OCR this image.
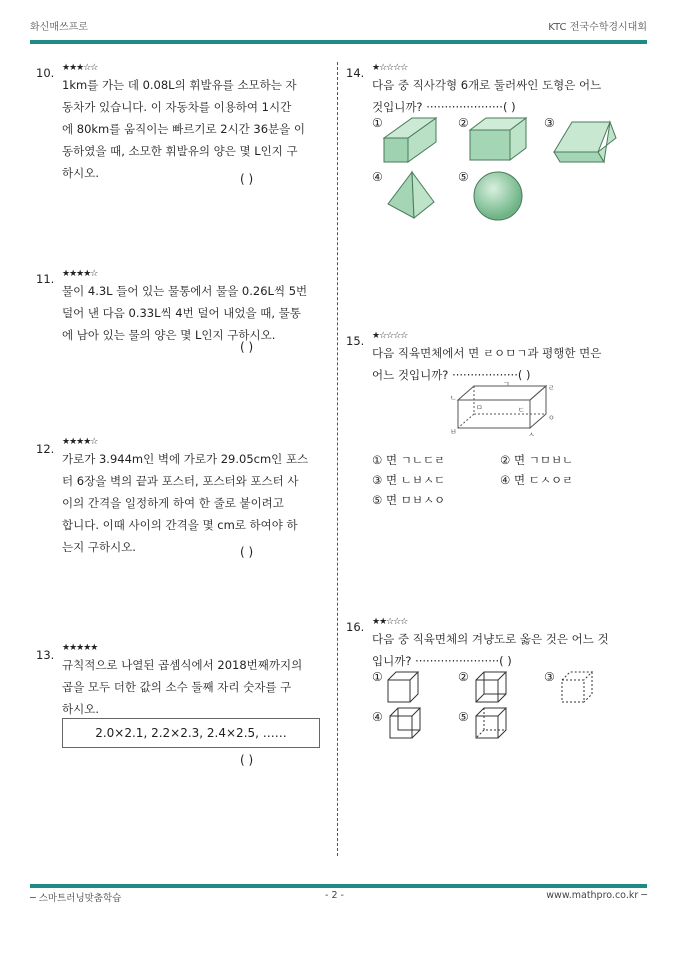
화신매쓰프로	KTC 전국수학경시대회
10. ★★★☆☆

1km를 가는 데 0.08L의 휘발유를 소모하는 자

동차가 있습니다. 이 자동차를 이용하여 1시간

에 80km를 움직이는 빠르기로 2시간 36분을 이

동하였을 때, 소모한 휘발유의 양은 몇 L인지 구

하시오.	( )
11. ★★★★☆

물이 4.3L 들어 있는 물통에서 물을 0.26L씩 5번

덜어 낸 다음 0.33L씩 4번 덜어 내었을 때, 물통

에 남아 있는 물의 양은 몇 L인지 구하시오.

( )
12. ★★★★☆

가로가 3.944m인 벽에 가로가 29.05cm인 포스

터 6장을 벽의 끝과 포스터, 포스터와 포스터 사

이의 간격을 일정하게 하여 한 줄로 붙이려고

합니다. 이때 사이의 간격을 몇 cm로 하여야 하

는지 구하시오.	( )
13. ★★★★★

규칙적으로 나열된 곱셈식에서 2018번째까지의

곱을 모두 더한 값의 소수 둘째 자리 숫자를 구

하시오.

2.0×2.1, 2.2×2.3, 2.4×2.5, ……
( )
14. ★☆☆☆☆

다음 중 직사각형 6개로 둘러싸인 도형은 어느

것입니까? ·····················( )

①	②	③
④	⑤
15. ★☆☆☆☆

다음 직육면체에서 면 ㄹㅇㅁㄱ과 평행한 면은

어느 것입니까? ··················( )

ㄱ
ㄴ
ㄷ
ㄹ
ㅁ
ㅂ	ㅅ
ㅇ
① 면 ㄱㄴㄷㄹ	② 면 ㄱㅁㅂㄴ
③ 면 ㄴㅂㅅㄷ	④ 면 ㄷㅅㅇㄹ
⑤ 면 ㅁㅂㅅㅇ
16. ★★☆☆☆

다음 중 직육면체의 겨냥도로 옳은 것은 어느 것

입니까? ·······················( )

①	②	③
④	⑤
─ 스마트러닝맞춤학습	- 2 -	www.mathpro.co.kr ─
